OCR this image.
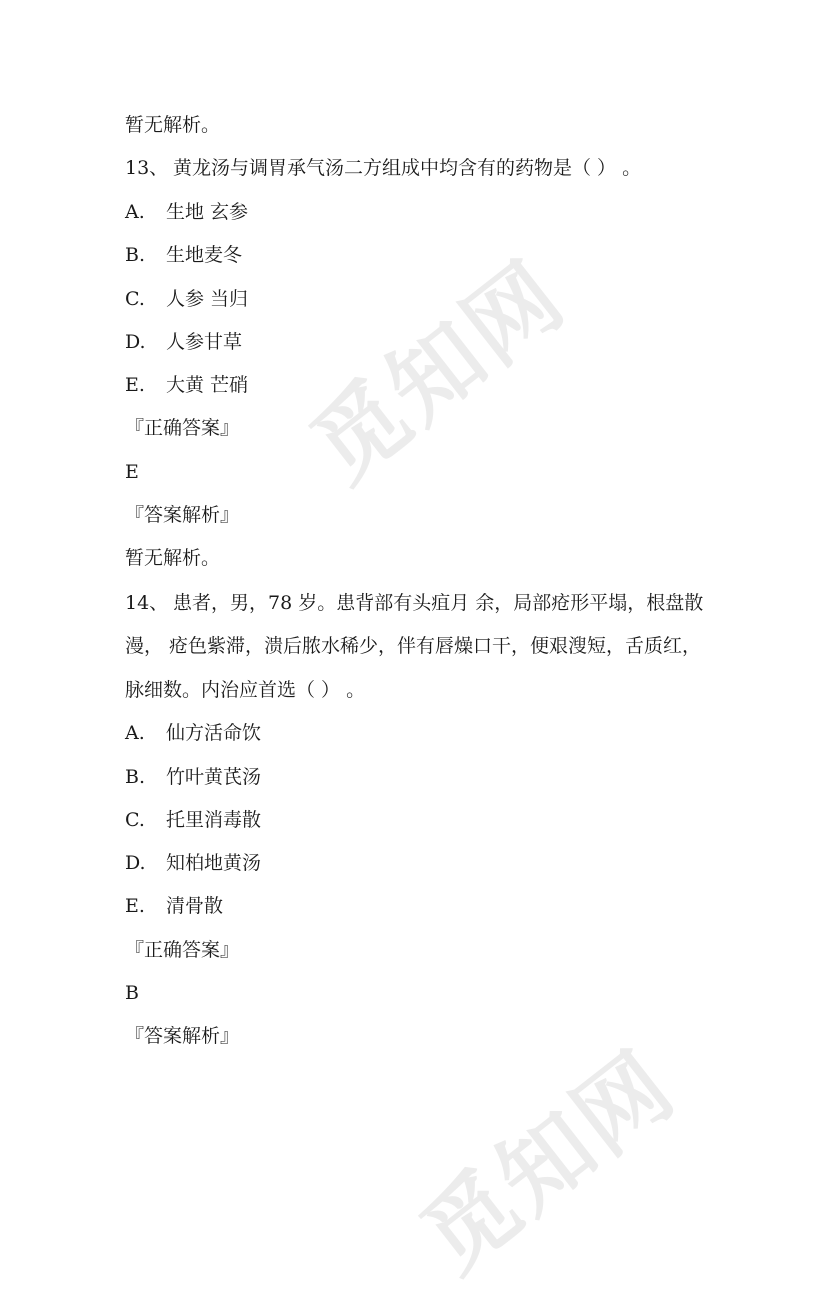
觅知网
觅知网
暂无解析。
13、 黄龙汤与调胃承气汤二方组成中均含有的药物是（ ） 。
A. 生地 玄参
B. 生地麦冬
C. 人参 当归
D. 人参甘草
E. 大黄 芒硝
『正确答案』
E
『答案解析』
暂无解析。
14、 患者，男，78 岁。患背部有头疽月 余，局部疮形平塌，根盘散
漫， 疮色紫滞，溃后脓水稀少，伴有唇燥口干，便艰溲短，舌质红，
脉细数。内治应首选（ ） 。
A. 仙方活命饮
B. 竹叶黄芪汤
C. 托里消毒散
D. 知柏地黄汤
E. 清骨散
『正确答案』
B
『答案解析』
